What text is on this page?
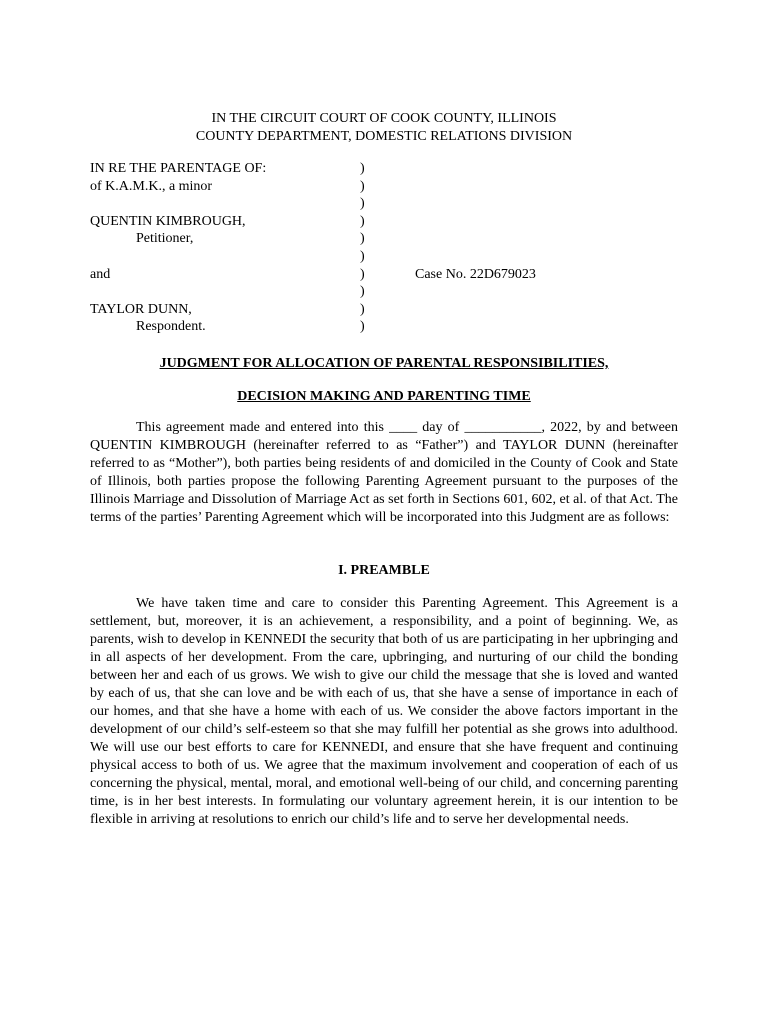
IN THE CIRCUIT COURT OF COOK COUNTY, ILLINOIS
COUNTY DEPARTMENT, DOMESTIC RELATIONS DIVISION
IN RE THE PARENTAGE OF:	)
of K.A.M.K., a minor	)
)
QUENTIN KIMBROUGH,	)
Petitioner,	)
)
and	)	Case No. 22D679023
)
TAYLOR DUNN,	)
Respondent.	)
JUDGMENT FOR ALLOCATION OF PARENTAL RESPONSIBILITIES,
DECISION MAKING AND PARENTING TIME
This agreement made and entered into this ____ day of ___________, 2022, by and between QUENTIN KIMBROUGH (hereinafter referred to as “Father”) and TAYLOR DUNN (hereinafter referred to as “Mother”), both parties being residents of and domiciled in the County of Cook and State of Illinois, both parties propose the following Parenting Agreement pursuant to the purposes of the Illinois Marriage and Dissolution of Marriage Act as set forth in Sections 601, 602, et al. of that Act. The terms of the parties’ Parenting Agreement which will be incorporated into this Judgment are as follows:
I. PREAMBLE
We have taken time and care to consider this Parenting Agreement. This Agreement is a settlement, but, moreover, it is an achievement, a responsibility, and a point of beginning. We, as parents, wish to develop in KENNEDI the security that both of us are participating in her upbringing and in all aspects of her development. From the care, upbringing, and nurturing of our child the bonding between her and each of us grows. We wish to give our child the message that she is loved and wanted by each of us, that she can love and be with each of us, that she have a sense of importance in each of our homes, and that she have a home with each of us. We consider the above factors important in the development of our child’s self-esteem so that she may fulfill her potential as she grows into adulthood. We will use our best efforts to care for KENNEDI, and ensure that she have frequent and continuing physical access to both of us. We agree that the maximum involvement and cooperation of each of us concerning the physical, mental, moral, and emotional well-being of our child, and concerning parenting time, is in her best interests. In formulating our voluntary agreement herein, it is our intention to be flexible in arriving at resolutions to enrich our child’s life and to serve her developmental needs.
